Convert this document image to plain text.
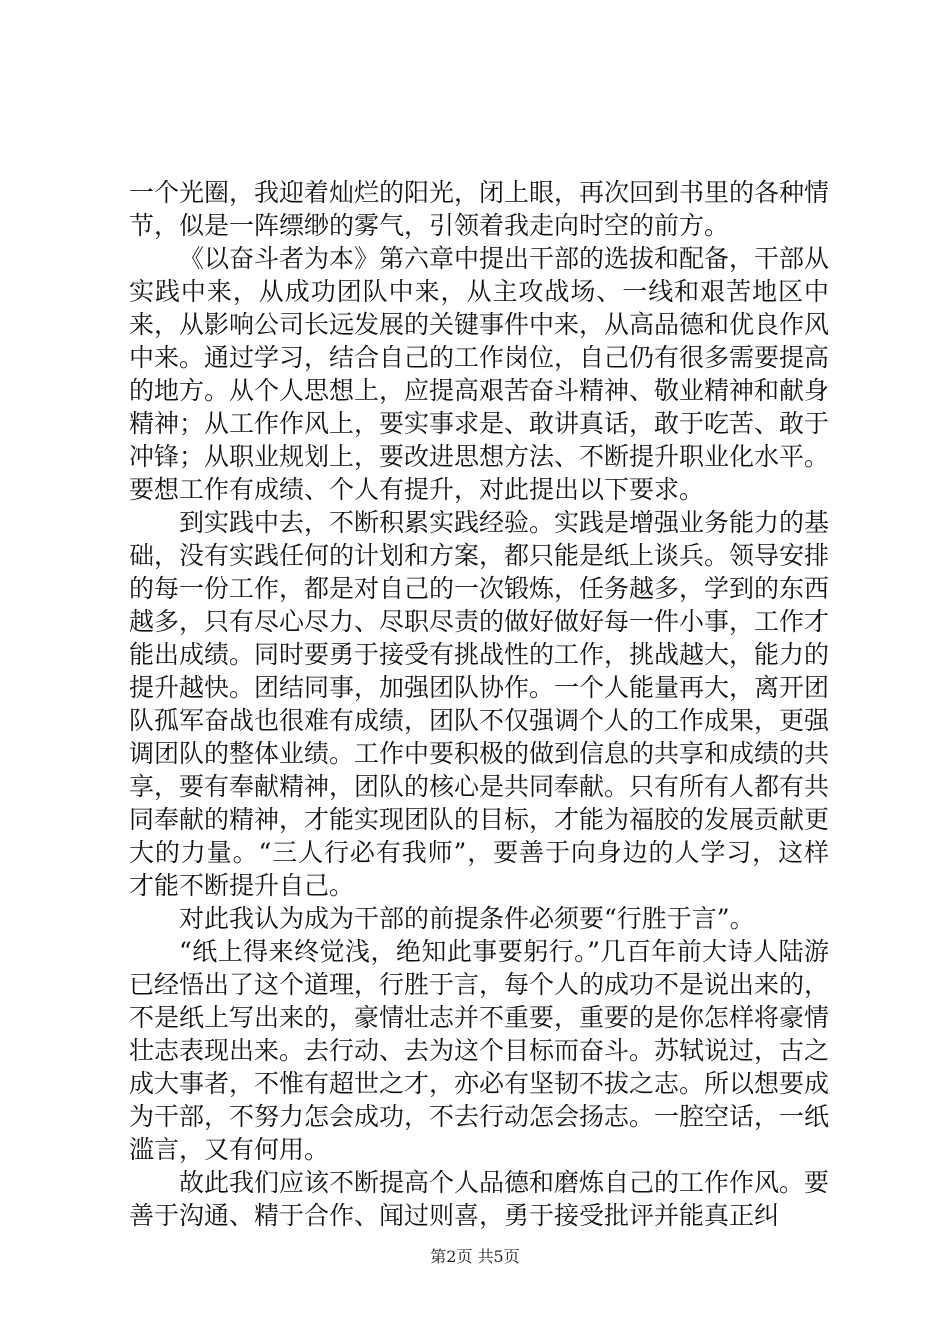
一个光圈，我迎着灿烂的阳光，闭上眼，再次回到书里的各种情节，似是一阵缥缈的雾气，引领着我走向时空的前方。

《以奋斗者为本》第六章中提出干部的选拔和配备，干部从实践中来，从成功团队中来，从主攻战场、一线和艰苦地区中来，从影响公司长远发展的关键事件中来，从高品德和优良作风中来。通过学习，结合自己的工作岗位，自己仍有很多需要提高的地方。从个人思想上，应提高艰苦奋斗精神、敬业精神和献身精神；从工作作风上，要实事求是、敢讲真话，敢于吃苦、敢于冲锋；从职业规划上，要改进思想方法、不断提升职业化水平。要想工作有成绩、个人有提升，对此提出以下要求。

到实践中去，不断积累实践经验。实践是增强业务能力的基础，没有实践任何的计划和方案，都只能是纸上谈兵。领导安排的每一份工作，都是对自己的一次锻炼，任务越多，学到的东西越多，只有尽心尽力、尽职尽责的做好做好每一件小事，工作才能出成绩。同时要勇于接受有挑战性的工作，挑战越大，能力的提升越快。团结同事，加强团队协作。一个人能量再大，离开团队孤军奋战也很难有成绩，团队不仅强调个人的工作成果，更强调团队的整体业绩。工作中要积极的做到信息的共享和成绩的共享，要有奉献精神，团队的核心是共同奉献。只有所有人都有共同奉献的精神，才能实现团队的目标，才能为福胶的发展贡献更大的力量。“三人行必有我师”，要善于向身边的人学习，这样才能不断提升自己。

对此我认为成为干部的前提条件必须要“行胜于言”。

“纸上得来终觉浅，绝知此事要躬行。”几百年前大诗人陆游已经悟出了这个道理，行胜于言，每个人的成功不是说出来的，不是纸上写出来的，豪情壮志并不重要，重要的是你怎样将豪情壮志表现出来。去行动、去为这个目标而奋斗。苏轼说过，古之成大事者，不惟有超世之才，亦必有坚韧不拔之志。所以想要成为干部，不努力怎会成功，不去行动怎会扬志。一腔空话，一纸滥言，又有何用。

故此我们应该不断提高个人品德和磨炼自己的工作作风。要善于沟通、精于合作、闻过则喜，勇于接受批评并能真正纠

第2页 共5页
